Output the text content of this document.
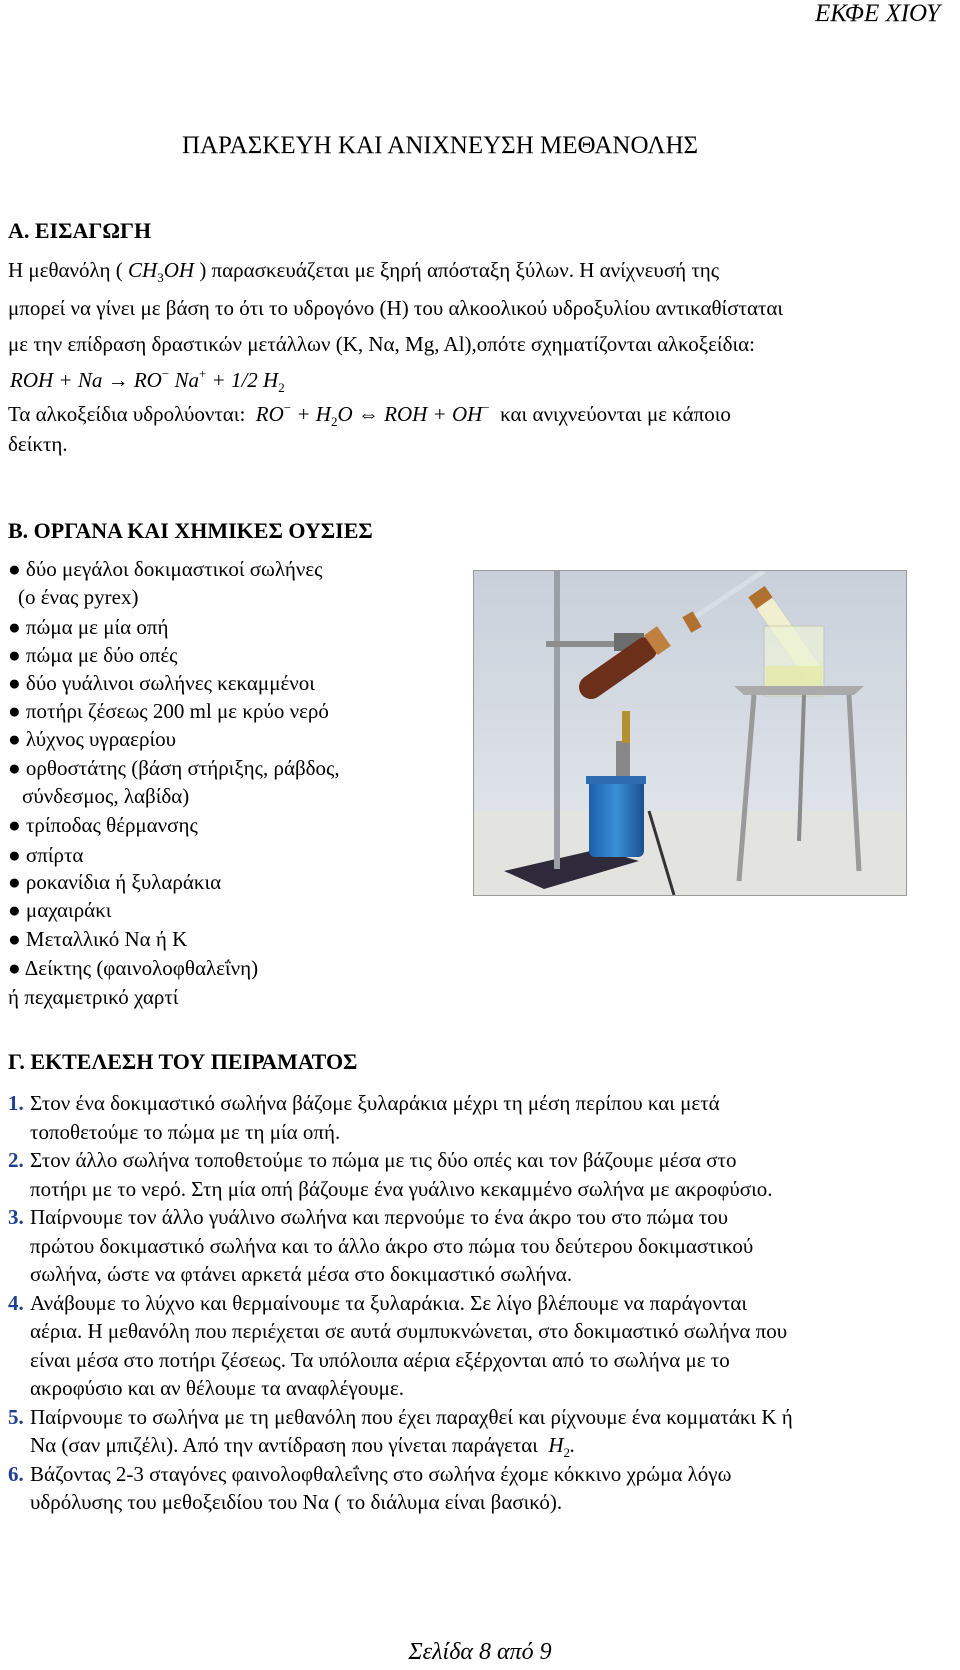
ΕΚΦΕ ΧΙΟΥ
ΠΑΡΑΣΚΕΥΗ ΚΑΙ ΑΝΙΧΝΕΥΣΗ ΜΕΘΑΝΟΛΗΣ
Α. ΕΙΣΑΓΩΓΗ
Η μεθανόλη ( $CH_3OH$ ) παρασκευάζεται με ξηρή απόσταξη ξύλων. Η ανίχνευσή της
μπορεί να γίνει με βάση το ότι το υδρογόνο (Η) του αλκοολικού υδροξυλίου αντικαθίσταται
με την επίδραση δραστικών μετάλλων (Κ, Να, Mg, Al),οπότε σχηματίζονται αλκοξείδια:
ROH + Na → RO− Na+ + 1/2 $H_2$
Τα αλκοξείδια υδρολύονται: $RO^- + H_2O$ ⇔ ROH + OH− και ανιχνεύονται με κάποιο
δείκτη.
Β. ΟΡΓΑΝΑ ΚΑΙ ΧΗΜΙΚΕΣ ΟΥΣΙΕΣ
● δύο μεγάλοι δοκιμαστικοί σωλήνες
(ο ένας pyrex)
● πώμα με μία οπή
● πώμα με δύο οπές
● δύο γυάλινοι σωλήνες κεκαμμένοι
● ποτήρι ζέσεως 200 ml με κρύο νερό
● λύχνος υγραερίου
● ορθοστάτης (βάση στήριξης, ράβδος,
σύνδεσμος, λαβίδα)
● τρίποδας θέρμανσης
● σπίρτα
● ροκανίδια ή ξυλαράκια
● μαχαιράκι
● Μεταλλικό Να ή Κ
● Δείκτης (φαινολοφθαλεΐνη)
ή πεχαμετρικό χαρτί
Γ. ΕΚΤΕΛΕΣΗ ΤΟΥ ΠΕΙΡΑΜΑΤΟΣ
1. Στον ένα δοκιμαστικό σωλήνα βάζομε ξυλαράκια μέχρι τη μέση περίπου και μετά
τοποθετούμε το πώμα με τη μία οπή.
2. Στον άλλο σωλήνα τοποθετούμε το πώμα με τις δύο οπές και τον βάζουμε μέσα στο
ποτήρι με το νερό. Στη μία οπή βάζουμε ένα γυάλινο κεκαμμένο σωλήνα με ακροφύσιο.
3. Παίρνουμε τον άλλο γυάλινο σωλήνα και περνούμε το ένα άκρο του στο πώμα του
πρώτου δοκιμαστικό σωλήνα και το άλλο άκρο στο πώμα του δεύτερου δοκιμαστικού
σωλήνα, ώστε να φτάνει αρκετά μέσα στο δοκιμαστικό σωλήνα.
4. Ανάβουμε το λύχνο και θερμαίνουμε τα ξυλαράκια. Σε λίγο βλέπουμε να παράγονται
αέρια. Η μεθανόλη που περιέχεται σε αυτά συμπυκνώνεται, στο δοκιμαστικό σωλήνα που
είναι μέσα στο ποτήρι ζέσεως. Τα υπόλοιπα αέρια εξέρχονται από το σωλήνα με το
ακροφύσιο και αν θέλουμε τα αναφλέγουμε.
5. Παίρνουμε το σωλήνα με τη μεθανόλη που έχει παραχθεί και ρίχνουμε ένα κομματάκι Κ ή
Να (σαν μπιζέλι). Από την αντίδραση που γίνεται παράγεται $H_2$.
6. Βάζοντας 2-3 σταγόνες φαινολοφθαλεΐνης στο σωλήνα έχομε κόκκινο χρώμα λόγω
υδρόλυσης του μεθοξειδίου του Να ( το διάλυμα είναι βασικό).
Σελίδα 8 από 9
